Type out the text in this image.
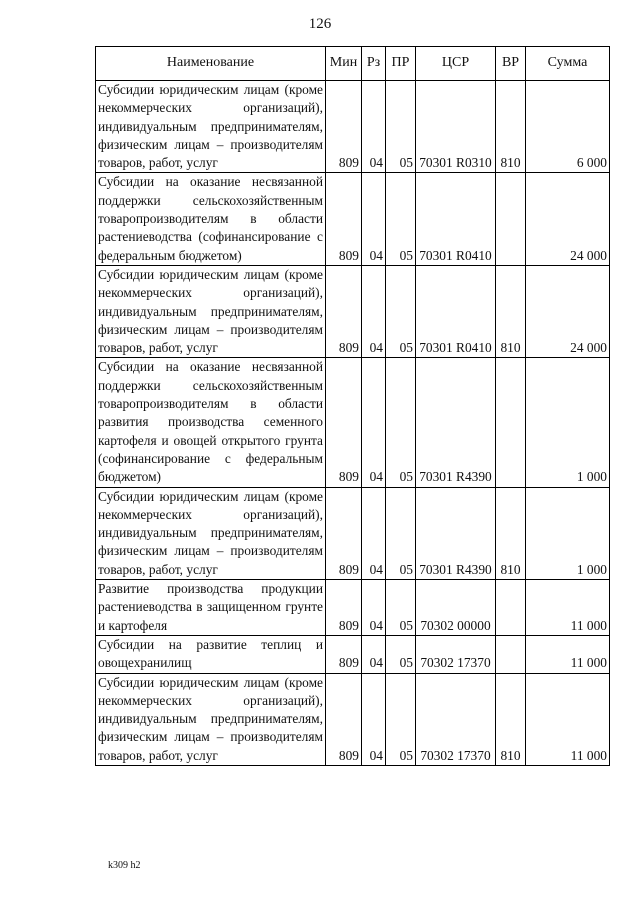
126
Наименование	Мин	Рз	ПР	ЦСР	ВР	Сумма
Субсидии юридическим лицам (кроме некоммерческих организаций), индивидуальным предпринимателям, физическим лицам – производителям товаров, работ, услуг	809	04	05	70301 R0310	810	6 000
Субсидии на оказание несвязанной поддержки сельскохозяйственным товаропроизводителям в области растениеводства (софинансирование с федеральным бюджетом)	809	04	05	70301 R0410		24 000
Субсидии юридическим лицам (кроме некоммерческих организаций), индивидуальным предпринимателям, физическим лицам – производителям товаров, работ, услуг	809	04	05	70301 R0410	810	24 000
Субсидии на оказание несвязанной поддержки сельскохозяйственным товаропроизводителям в области развития производства семенного картофеля и овощей открытого грунта (софинансирование с федеральным бюджетом)	809	04	05	70301 R4390		1 000
Субсидии юридическим лицам (кроме некоммерческих организаций), индивидуальным предпринимателям, физическим лицам – производителям товаров, работ, услуг	809	04	05	70301 R4390	810	1 000
Развитие производства продукции растениеводства в защищенном грунте и картофеля	809	04	05	70302 00000		11 000
Субсидии на развитие теплиц и овощехранилищ	809	04	05	70302 17370		11 000
Субсидии юридическим лицам (кроме некоммерческих организаций), индивидуальным предпринимателям, физическим лицам – производителям товаров, работ, услуг	809	04	05	70302 17370	810	11 000
k309 h2
